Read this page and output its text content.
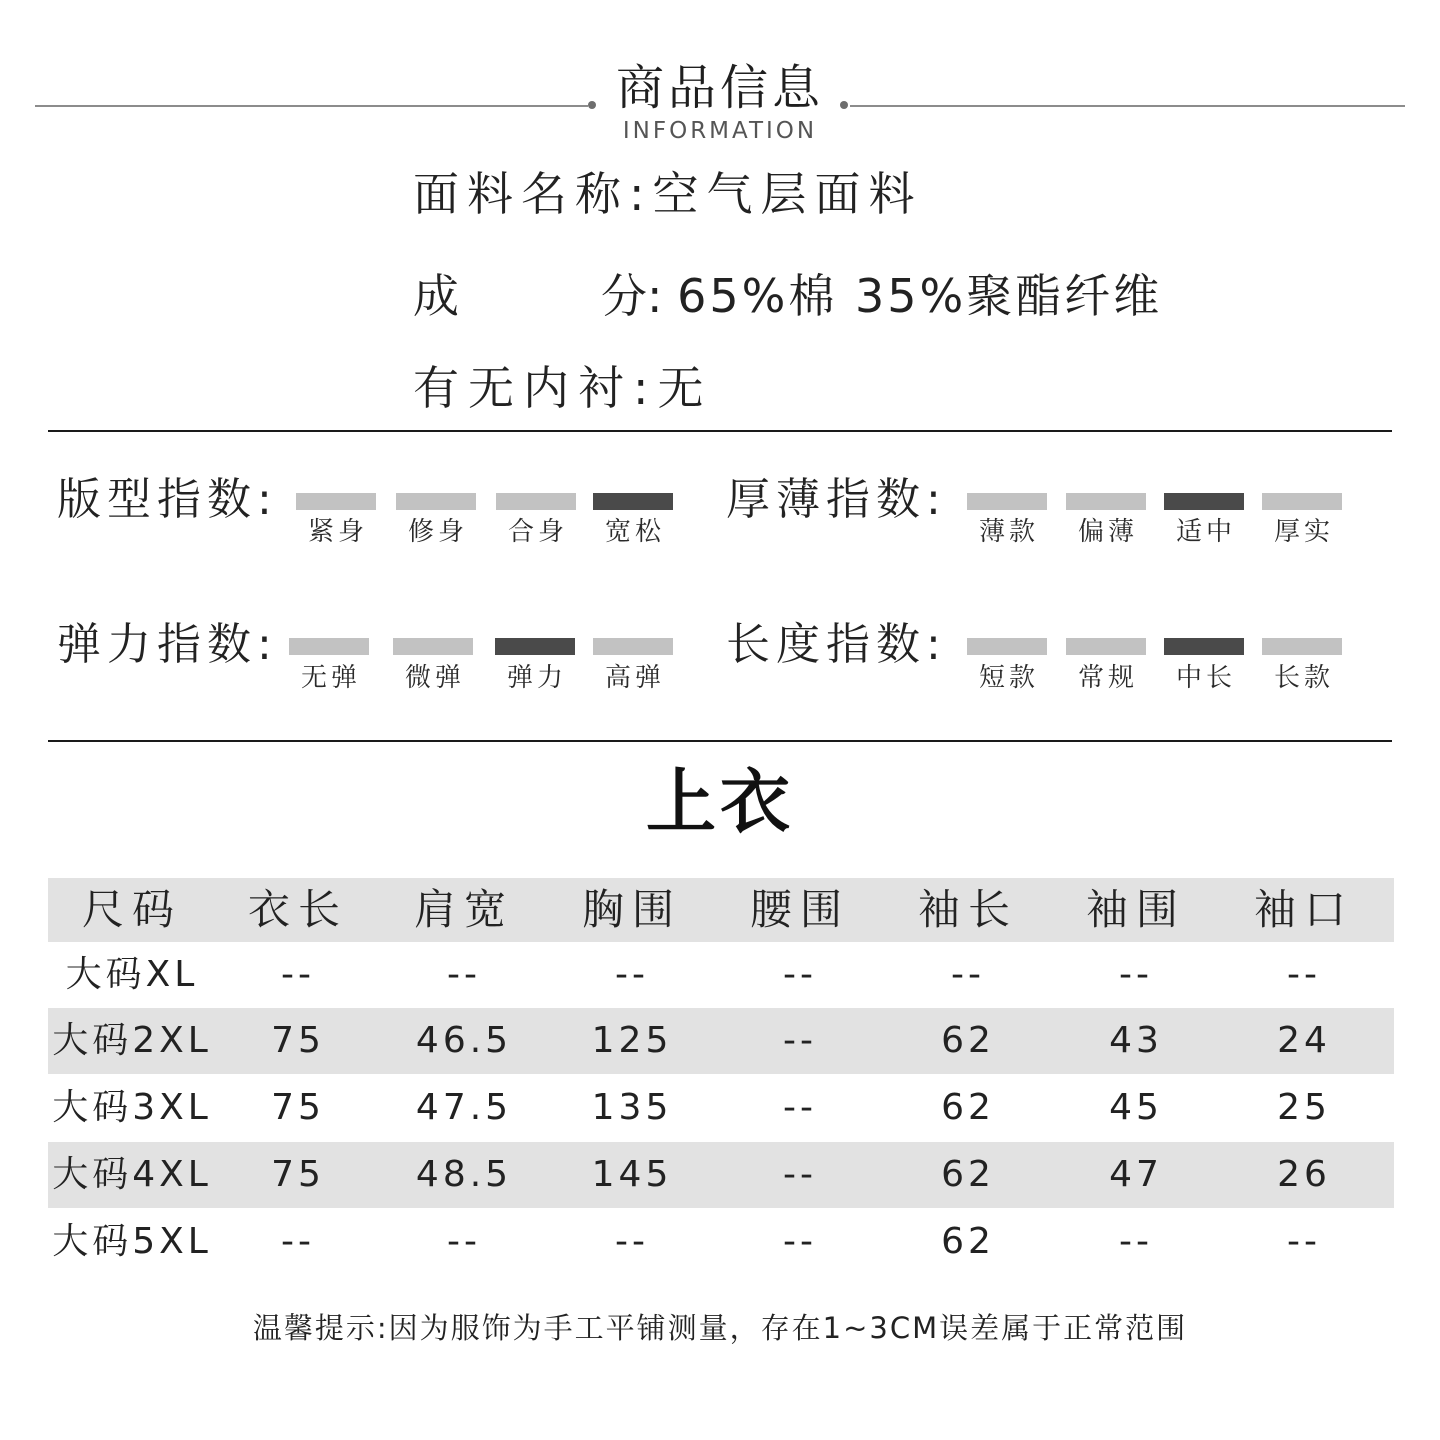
商品信息
INFORMATION
面料名称:空气层面料
成	分: 65%棉 35%聚酯纤维
有无内衬:无
版型指数:
紧身	修身	合身	宽松
厚薄指数:
薄款	偏薄	适中	厚实
弹力指数:
无弹	微弹	弹力	高弹
长度指数:
短款	常规	中长	长款
上衣
尺码	衣长	肩宽	胸围	腰围	袖长	袖围	袖口
大码XL	--	--	--	--	--	--	--
大码2XL	75	46.5	125	--	62	43	24
大码3XL	75	47.5	135	--	62	45	25
大码4XL	75	48.5	145	--	62	47	26
大码5XL	--	--	--	--	62	--	--
温馨提示:因为服饰为手工平铺测量，存在1~3CM误差属于正常范围
